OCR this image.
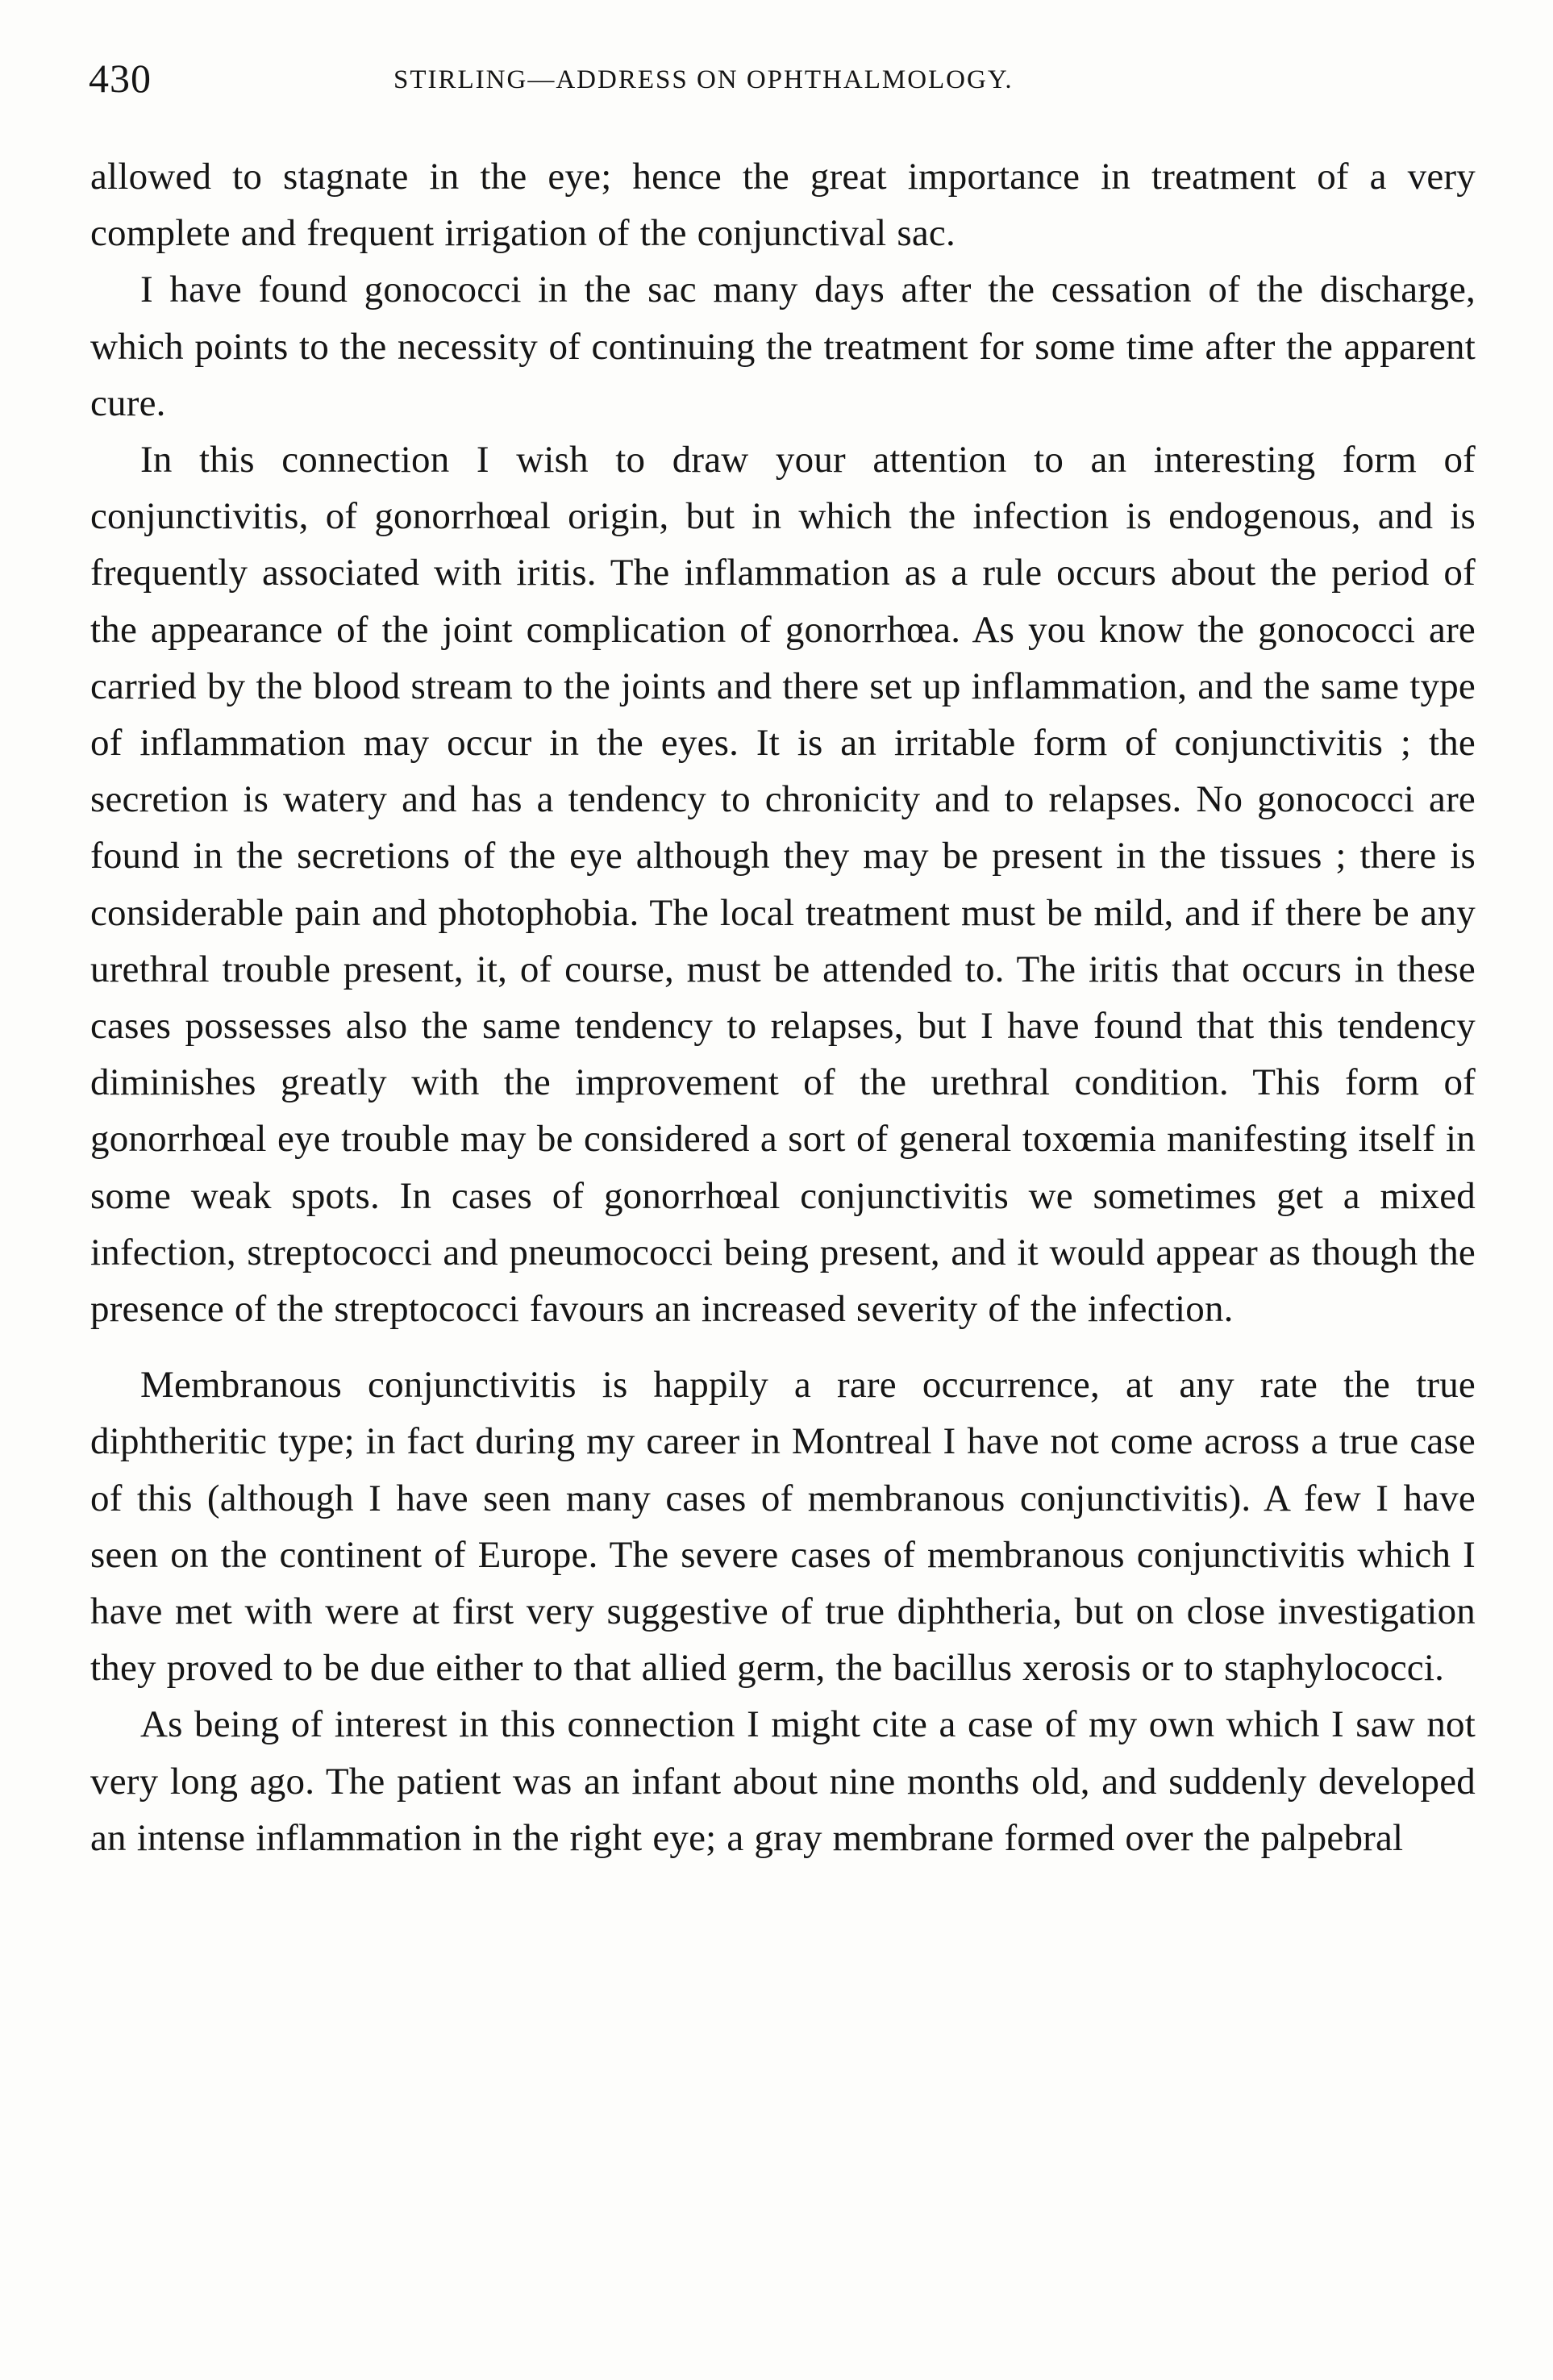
430	STIRLING—ADDRESS ON OPHTHALMOLOGY.

allowed to stagnate in the eye; hence the great importance in treatment of a very complete and frequent irrigation of the conjunctival sac.

I have found gonococci in the sac many days after the cessation of the discharge, which points to the necessity of continuing the treatment for some time after the apparent cure.

In this connection I wish to draw your attention to an interesting form of conjunctivitis, of gonorrhœal origin, but in which the infection is endogenous, and is frequently associated with iritis. The inflammation as a rule occurs about the period of the appearance of the joint complication of gonorrhœa. As you know the gonococci are carried by the blood stream to the joints and there set up inflammation, and the same type of inflammation may occur in the eyes. It is an irritable form of conjunctivitis ; the secretion is watery and has a tendency to chronicity and to relapses. No gonococci are found in the secretions of the eye although they may be present in the tissues ; there is considerable pain and photophobia. The local treatment must be mild, and if there be any urethral trouble present, it, of course, must be attended to. The iritis that occurs in these cases possesses also the same tendency to relapses, but I have found that this tendency diminishes greatly with the improvement of the urethral condition. This form of gonorrhœal eye trouble may be considered a sort of general toxœmia manifesting itself in some weak spots. In cases of gonorrhœal conjunctivitis we sometimes get a mixed infection, streptococci and pneumococci being present, and it would appear as though the presence of the streptococci favours an increased severity of the infection.

Membranous conjunctivitis is happily a rare occurrence, at any rate the true diphtheritic type; in fact during my career in Montreal I have not come across a true case of this (although I have seen many cases of membranous conjunctivitis). A few I have seen on the continent of Europe. The severe cases of membranous conjunctivitis which I have met with were at first very suggestive of true diphtheria, but on close investigation they proved to be due either to that allied germ, the bacillus xerosis or to staphylococci.

As being of interest in this connection I might cite a case of my own which I saw not very long ago. The patient was an infant about nine months old, and suddenly developed an intense inflammation in the right eye; a gray membrane formed over the palpebral
